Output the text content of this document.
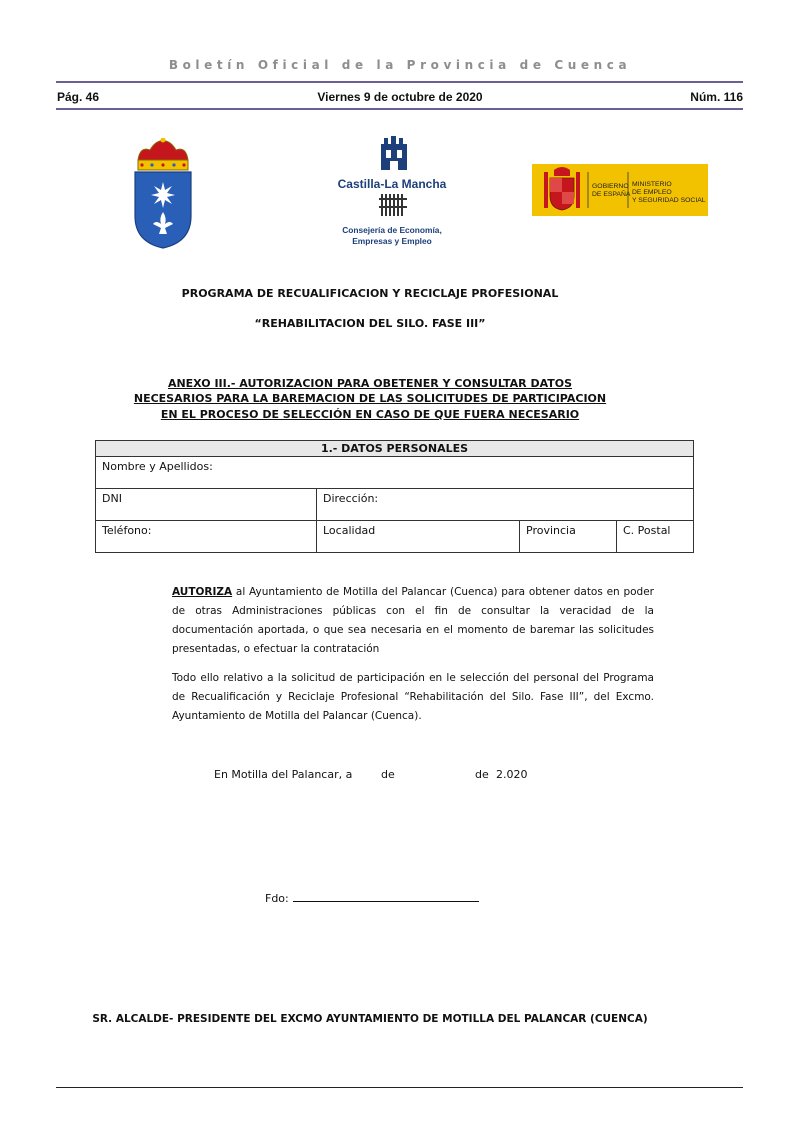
Boletín Oficial de la Provincia de Cuenca
Pág. 46	Viernes 9 de octubre de 2020	Núm. 116
Castilla-La Mancha
Consejería de Economía,
Empresas y Empleo
GOBIERNO
DE ESPAÑA
MINISTERIO
DE EMPLEO
Y SEGURIDAD SOCIAL
PROGRAMA DE RECUALIFICACION Y RECICLAJE PROFESIONAL
“REHABILITACION DEL SILO. FASE III”
ANEXO III.- AUTORIZACION PARA OBETENER Y CONSULTAR DATOS
NECESARIOS PARA LA BAREMACION DE LAS SOLICITUDES DE PARTICIPACION
EN EL PROCESO DE SELECCIÓN EN CASO DE QUE FUERA NECESARIO
1.- DATOS PERSONALES			
Nombre y Apellidos:			
DNI	Dirección:		
Teléfono:	Localidad	Provincia	C. Postal
AUTORIZA al Ayuntamiento de Motilla del Palancar (Cuenca) para obtener datos en poder de otras Administraciones públicas con el fin de consultar la veracidad de la documentación aportada, o que sea necesaria en el momento de baremar las solicitudes presentadas, o efectuar la contratación
Todo ello relativo a la solicitud de participación en le selección del personal del Programa de Recualificación y Reciclaje Profesional “Rehabilitación del Silo. Fase III”, del Excmo. Ayuntamiento de Motilla del Palancar (Cuenca).
En Motilla del Palancar, a	de	de 2.020
Fdo:
SR. ALCALDE- PRESIDENTE DEL EXCMO AYUNTAMIENTO DE MOTILLA DEL PALANCAR (CUENCA)
